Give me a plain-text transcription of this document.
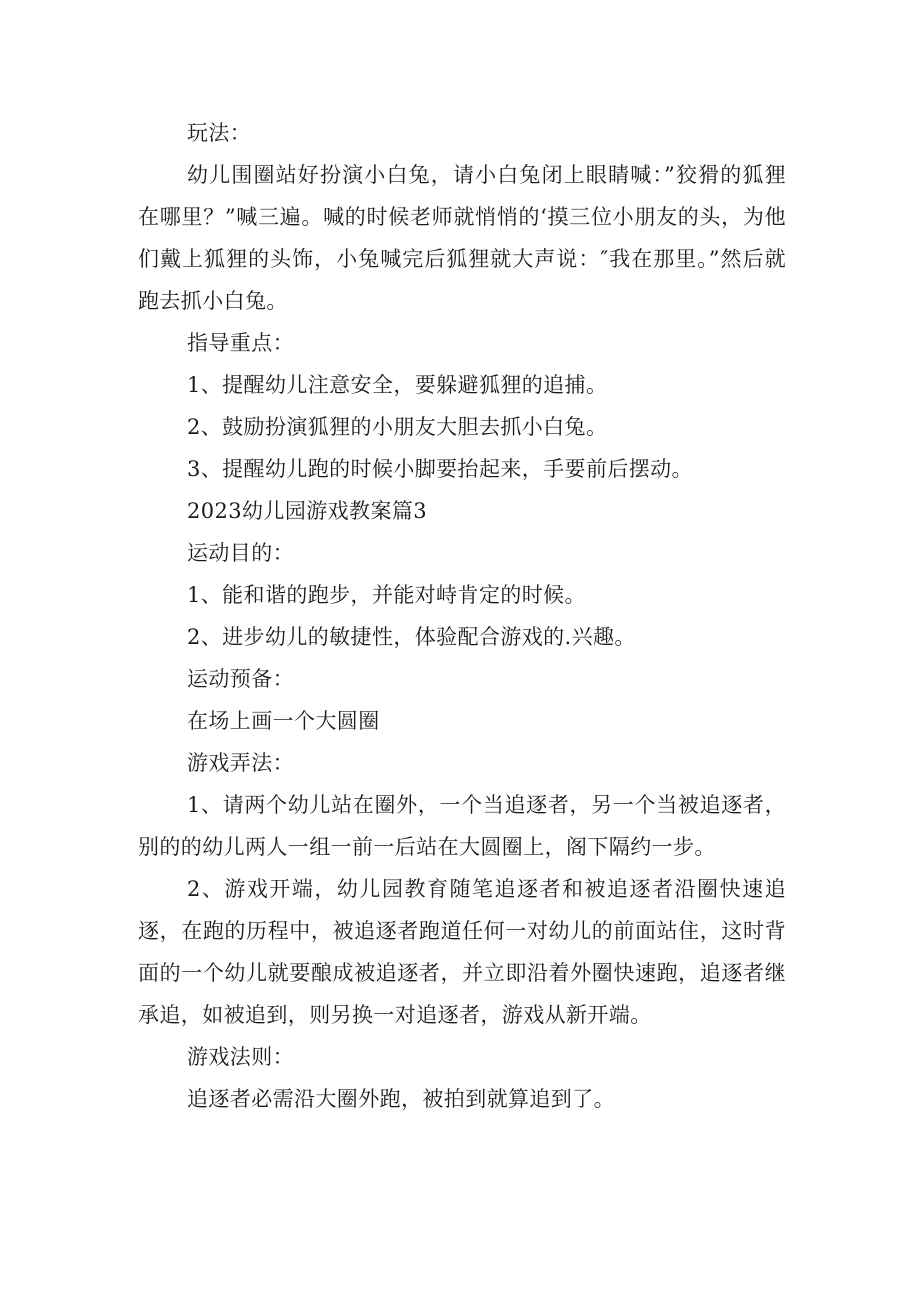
玩法：

幼儿围圈站好扮演小白兔，请小白兔闭上眼睛喊：”狡猾的狐狸在哪里？”喊三遍。喊的时候老师就悄悄的‘摸三位小朋友的头，为他们戴上狐狸的头饰，小兔喊完后狐狸就大声说：″我在那里。”然后就跑去抓小白兔。

指导重点：

1、提醒幼儿注意安全，要躲避狐狸的追捕。

2、鼓励扮演狐狸的小朋友大胆去抓小白兔。

3、提醒幼儿跑的时候小脚要抬起来，手要前后摆动。

2023幼儿园游戏教案篇3

运动目的：

1、能和谐的跑步，并能对峙肯定的时候。

2、进步幼儿的敏捷性，体验配合游戏的.兴趣。

运动预备：

在场上画一个大圆圈

游戏弄法：

1、请两个幼儿站在圈外，一个当追逐者，另一个当被追逐者，别的的幼儿两人一组一前一后站在大圆圈上，阁下隔约一步。

2、游戏开端，幼儿园教育随笔追逐者和被追逐者沿圈快速追逐，在跑的历程中，被追逐者跑道任何一对幼儿的前面站住，这时背面的一个幼儿就要酿成被追逐者，并立即沿着外圈快速跑，追逐者继承追，如被追到，则另换一对追逐者，游戏从新开端。

游戏法则：

追逐者必需沿大圈外跑，被拍到就算追到了。
